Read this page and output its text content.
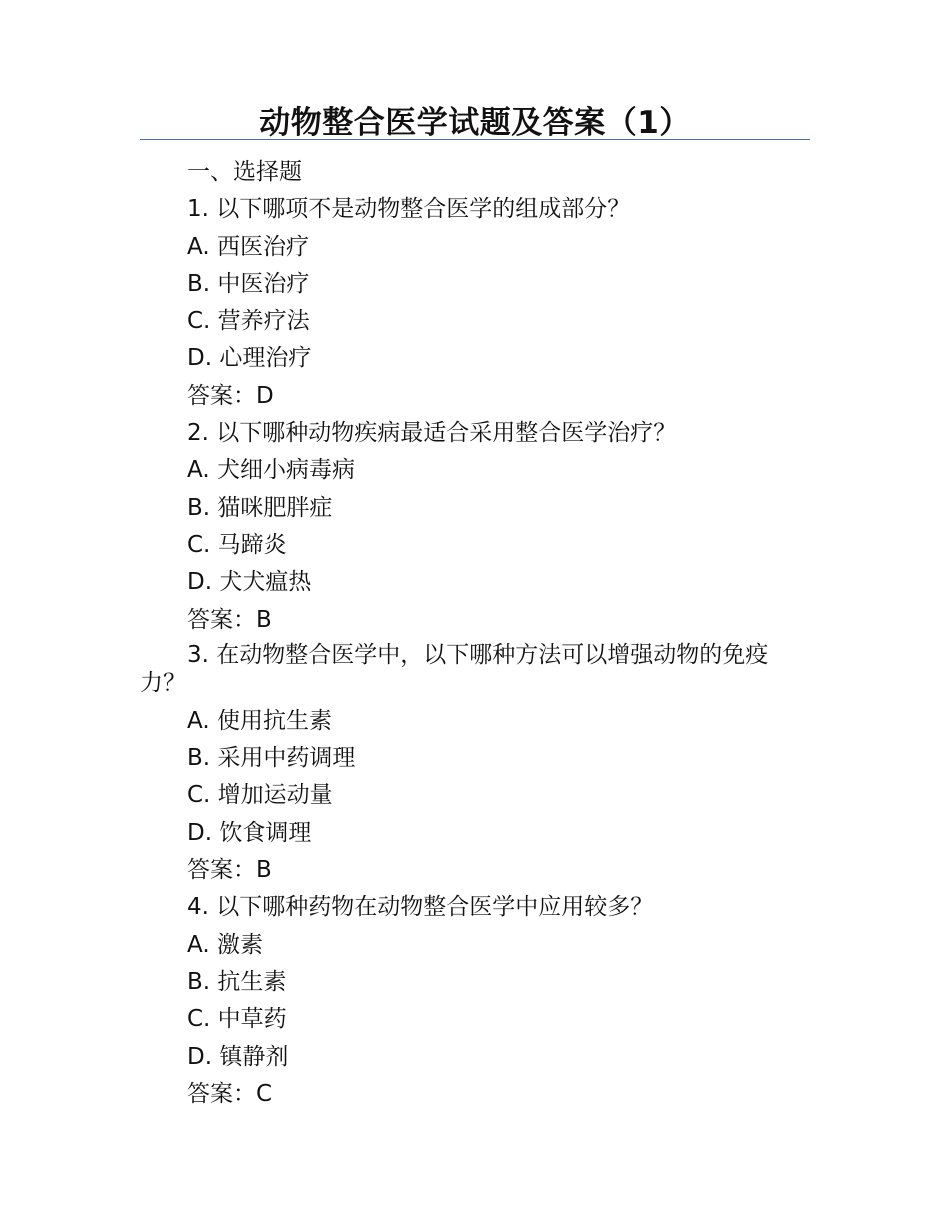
动物整合医学试题及答案（1）
一、选择题
1. 以下哪项不是动物整合医学的组成部分？
A. 西医治疗
B. 中医治疗
C. 营养疗法
D. 心理治疗
答案：D
2. 以下哪种动物疾病最适合采用整合医学治疗？
A. 犬细小病毒病
B. 猫咪肥胖症
C. 马蹄炎
D. 犬犬瘟热
答案：B
3. 在动物整合医学中，以下哪种方法可以增强动物的免疫力？
A. 使用抗生素
B. 采用中药调理
C. 增加运动量
D. 饮食调理
答案：B
4. 以下哪种药物在动物整合医学中应用较多？
A. 激素
B. 抗生素
C. 中草药
D. 镇静剂
答案：C
